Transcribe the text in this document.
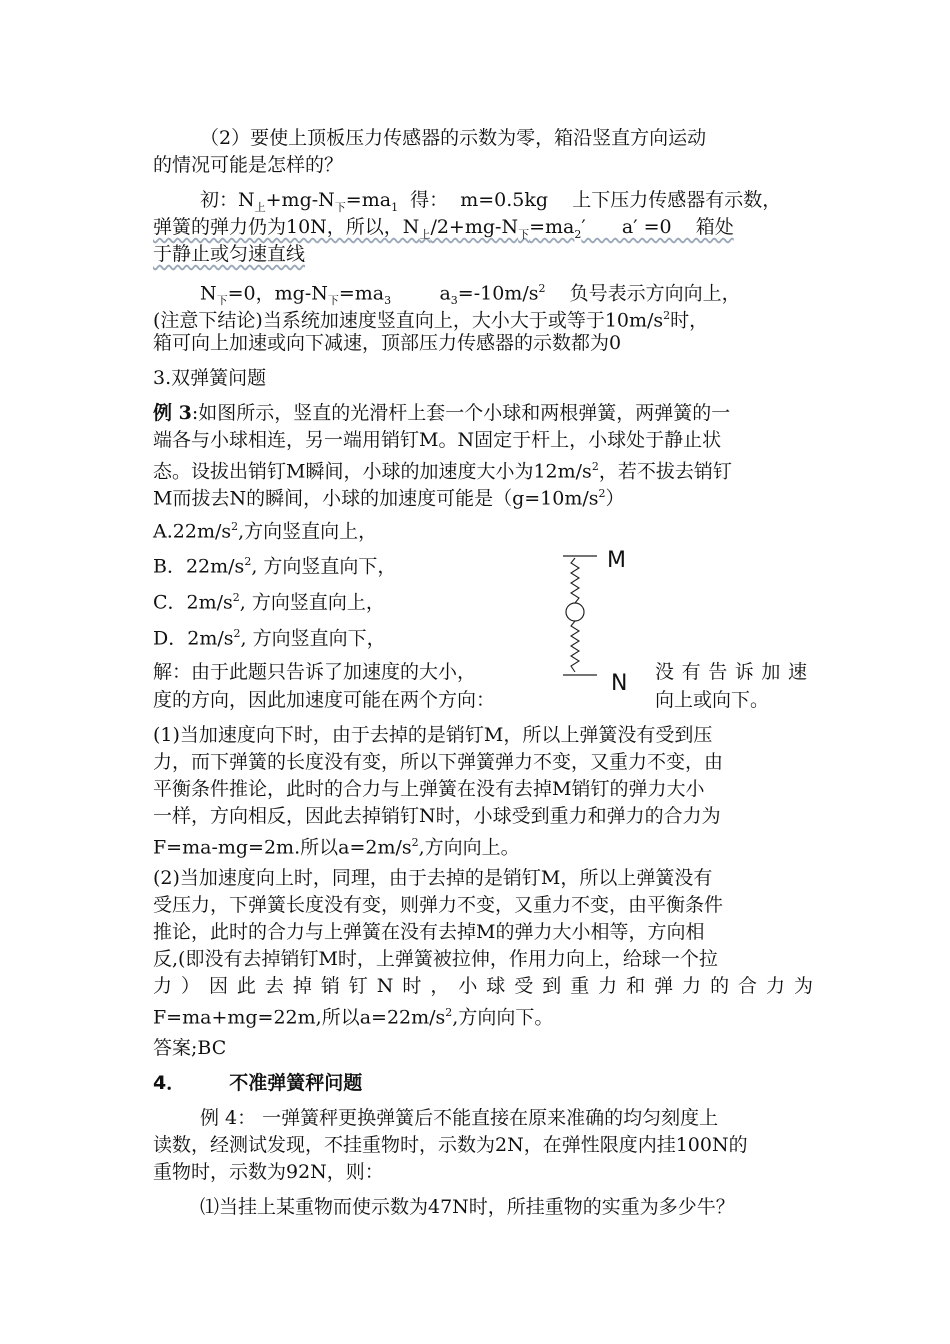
（2）要使上顶板压力传感器的示数为零，箱沿竖直方向运动
的情况可能是怎样的？
初：$N_上+mg-N_下=ma_1$  得：  m=0.5kg    上下压力传感器有示数，
弹簧的弹力仍为10N，所以，$N_上/2+mg-N_下=ma_2'$      a′ =0    箱处
于静止或匀速直线
$N_下=0$，$mg-N_下=ma_3$        $a_3=-10m/s^2$    负号表示方向向上，
(注意下结论)当系统加速度竖直向上，大小大于或等于$10m/s^2$时，
箱可向上加速或向下减速，顶部压力传感器的示数都为0
3.双弹簧问题
例 3:如图所示，竖直的光滑杆上套一个小球和两根弹簧，两弹簧的一
端各与小球相连，另一端用销钉M。N固定于杆上，小球处于静止状
态。设拔出销钉M瞬间，小球的加速度大小为$12m/s^2$，若不拔去销钉
M而拔去N的瞬间，小球的加速度可能是$(g=10m/s^2)$
$A.22m/s^2$,方向竖直向上，
B．$22m/s^2$, 方向竖直向下，
C．$2m/s^2$, 方向竖直向上，
D．$2m/s^2$, 方向竖直向下，
解：由于此题只告诉了加速度的大小，
度的方向，因此加速度可能在两个方向：
没有告诉加速
向上或向下。
M
N
(1)当加速度向下时，由于去掉的是销钉M，所以上弹簧没有受到压
力，而下弹簧的长度没有变，所以下弹簧弹力不变，又重力不变，由
平衡条件推论，此时的合力与上弹簧在没有去掉M销钉的弹力大小
一样，方向相反，因此去掉销钉N时，小球受到重力和弹力的合力为
F=ma-mg=2m.所以$a=2m/s^2$,方向向上。
(2)当加速度向上时，同理，由于去掉的是销钉M，所以上弹簧没有
受压力，下弹簧长度没有变，则弹力不变，又重力不变，由平衡条件
推论，此时的合力与上弹簧在没有去掉M的弹力大小相等，方向相
反,(即没有去掉销钉M时，上弹簧被拉伸，作用力向上，给球一个拉
力）因此去掉销钉N时，小球受到重力和弹力的合力为
F=ma+mg=22m,所以$a=22m/s^2$,方向向下。
答案;BC
4． 不准弹簧秤问题
例 4： 一弹簧秤更换弹簧后不能直接在原来准确的均匀刻度上
读数，经测试发现，不挂重物时，示数为2N，在弹性限度内挂100N的
重物时，示数为92N，则：
⑴当挂上某重物而使示数为47N时，所挂重物的实重为多少牛？
